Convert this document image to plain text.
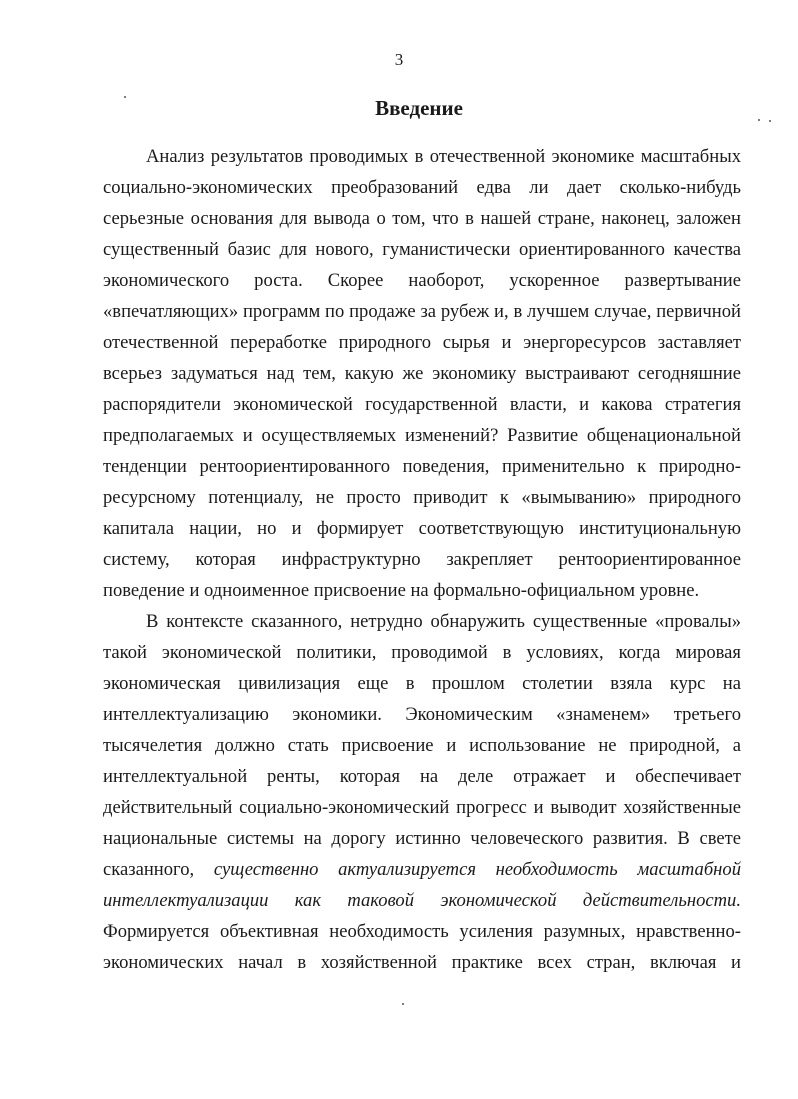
3
Введение
Анализ результатов проводимых в отечественной экономике масштабных
социально-экономических преобразований едва ли дает сколько-нибудь
серьезные основания для вывода о том, что в нашей стране, наконец, заложен
существенный базис для нового, гуманистически ориентированного качества
экономического роста. Скорее наоборот, ускоренное развертывание
«впечатляющих» программ по продаже за рубеж и, в лучшем случае, первичной
отечественной переработке природного сырья и энергоресурсов заставляет
всерьез задуматься над тем, какую же экономику выстраивают сегодняшние
распорядители экономической государственной власти, и какова стратегия
предполагаемых и осуществляемых изменений? Развитие общенациональной
тенденции рентоориентированного поведения, применительно к природно-
ресурсному потенциалу, не просто приводит к «вымыванию» природного
капитала нации, но и формирует соответствующую институциональную
систему, которая инфраструктурно закрепляет рентоориентированное
поведение и одноименное присвоение на формально-официальном уровне.
В контексте сказанного, нетрудно обнаружить существенные «провалы»
такой экономической политики, проводимой в условиях, когда мировая
экономическая цивилизация еще в прошлом столетии взяла курс на
интеллектуализацию экономики. Экономическим «знаменем» третьего
тысячелетия должно стать присвоение и использование не природной, а
интеллектуальной ренты, которая на деле отражает и обеспечивает
действительный социально-экономический прогресс и выводит хозяйственные
национальные системы на дорогу истинно человеческого развития. В свете
сказанного, существенно актуализируется необходимость масштабной
интеллектуализации как таковой экономической действительности.
Формируется объективная необходимость усиления разумных, нравственно-
экономических начал в хозяйственной практике всех стран, включая и
